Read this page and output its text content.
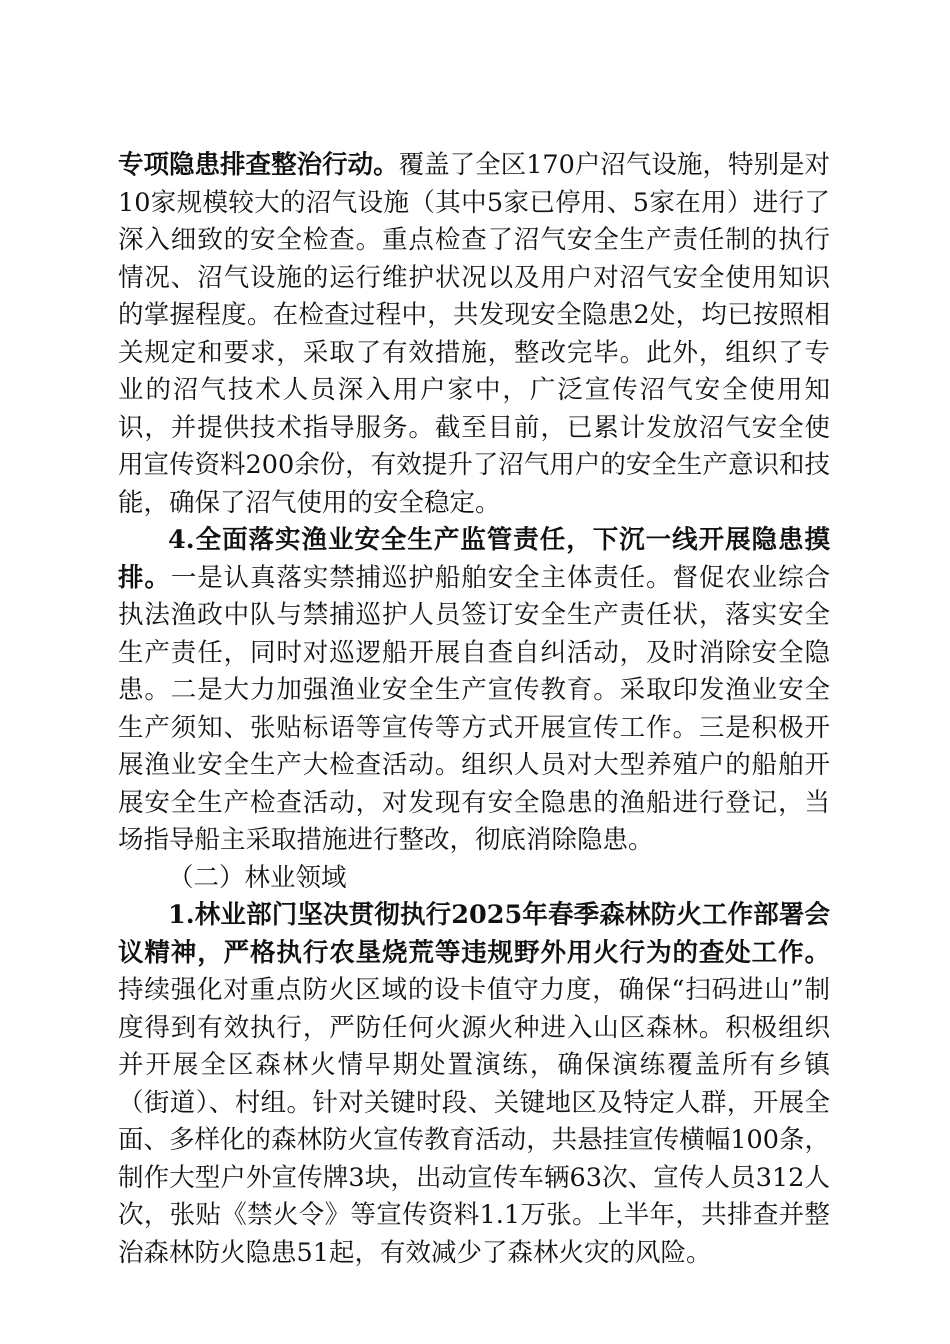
专项隐患排查整治行动。覆盖了全区170户沼气设施，特别是对10家规模较大的沼气设施（其中5家已停用、5家在用）进行了深入细致的安全检查。重点检查了沼气安全生产责任制的执行情况、沼气设施的运行维护状况以及用户对沼气安全使用知识的掌握程度。在检查过程中，共发现安全隐患2处，均已按照相关规定和要求，采取了有效措施，整改完毕。此外，组织了专业的沼气技术人员深入用户家中，广泛宣传沼气安全使用知识，并提供技术指导服务。截至目前，已累计发放沼气安全使用宣传资料200余份，有效提升了沼气用户的安全生产意识和技能，确保了沼气使用的安全稳定。

4.全面落实渔业安全生产监管责任，下沉一线开展隐患摸排。一是认真落实禁捕巡护船舶安全主体责任。督促农业综合执法渔政中队与禁捕巡护人员签订安全生产责任状，落实安全生产责任，同时对巡逻船开展自查自纠活动，及时消除安全隐患。二是大力加强渔业安全生产宣传教育。采取印发渔业安全生产须知、张贴标语等宣传等方式开展宣传工作。三是积极开展渔业安全生产大检查活动。组织人员对大型养殖户的船舶开展安全生产检查活动，对发现有安全隐患的渔船进行登记，当场指导船主采取措施进行整改，彻底消除隐患。

（二）林业领域

1.林业部门坚决贯彻执行2025年春季森林防火工作部署会议精神，严格执行农垦烧荒等违规野外用火行为的查处工作。持续强化对重点防火区域的设卡值守力度，确保“扫码进山”制度得到有效执行，严防任何火源火种进入山区森林。积极组织并开展全区森林火情早期处置演练，确保演练覆盖所有乡镇（街道）、村组。针对关键时段、关键地区及特定人群，开展全面、多样化的森林防火宣传教育活动，共悬挂宣传横幅100条，制作大型户外宣传牌3块，出动宣传车辆63次、宣传人员312人次，张贴《禁火令》等宣传资料1.1万张。上半年，共排查并整治森林防火隐患51起，有效减少了森林火灾的风险。
